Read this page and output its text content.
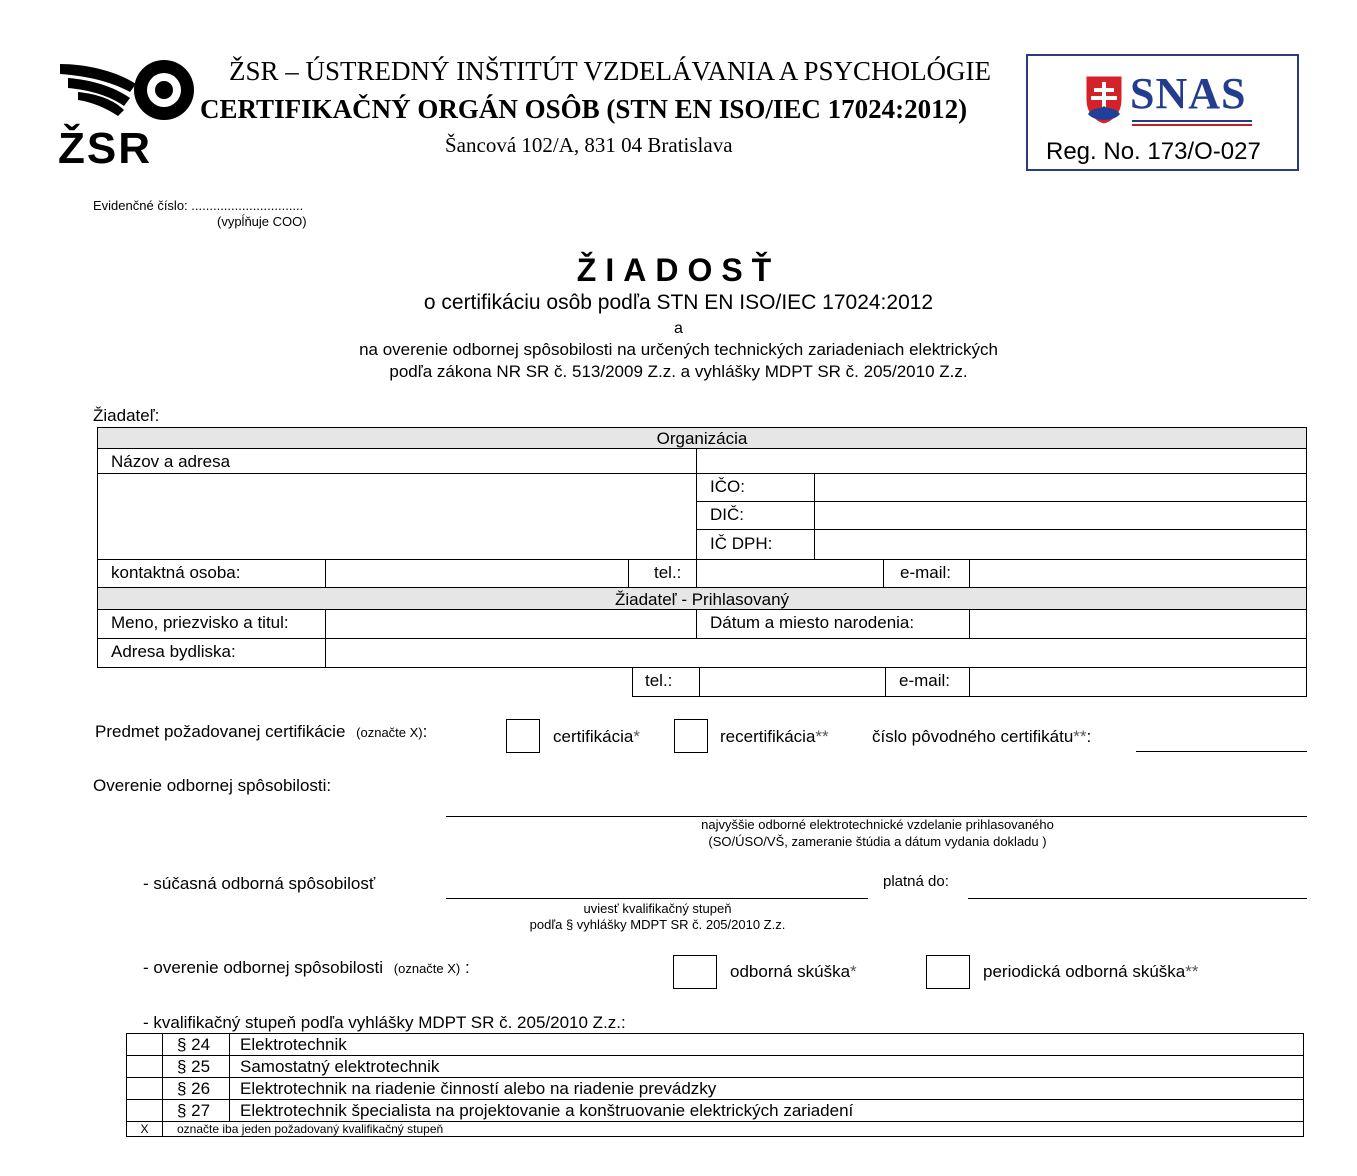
ŽSR
ŽSR – ÚSTREDNÝ INŠTITÚT VZDELÁVANIA A PSYCHOLÓGIE
CERTIFIKAČNÝ ORGÁN OSÔB (STN EN ISO/IEC 17024:2012)
Šancová 102/A, 831 04 Bratislava
SNAS
Reg. No. 173/O-027
Evidenčné číslo: ...............................
(vypĺňuje COO)
ŽIADOSŤ
o certifikáciu osôb podľa STN EN ISO/IEC 17024:2012
a
na overenie odbornej spôsobilosti na určených technických zariadeniach elektrických
podľa zákona NR SR č. 513/2009 Z.z. a vyhlášky MDPT SR č. 205/2010 Z.z.
Žiadateľ:
Organizácia
Názov a adresa
IČO:
DIČ:
IČ DPH:
kontaktná osoba:	tel.:	e-mail:
Žiadateľ - Prihlasovaný
Meno, priezvisko a titul:	Dátum a miesto narodenia:
Adresa bydliska:
tel.:	e-mail:
Predmet požadovanej certifikácie (označte X):	certifikácia*	recertifikácia**	číslo pôvodného certifikátu**:
Overenie odbornej spôsobilosti:
najvyššie odborné elektrotechnické vzdelanie prihlasovaného
(SO/ÚSO/VŠ, zameranie štúdia a dátum vydania dokladu )
- súčasná odborná spôsobilosť	platná do:
uviesť kvalifikačný stupeň
podľa § vyhlášky MDPT SR č. 205/2010 Z.z.
- overenie odbornej spôsobilosti (označte X) :	odborná skúška*	periodická odborná skúška**
- kvalifikačný stupeň podľa vyhlášky MDPT SR č. 205/2010 Z.z.:
	§ 24	Elektrotechnik
	§ 25	Samostatný elektrotechnik
	§ 26	Elektrotechnik na riadenie činností alebo na riadenie prevádzky
	§ 27	Elektrotechnik špecialista na projektovanie a konštruovanie elektrických zariadení
X	označte iba jeden požadovaný kvalifikačný stupeň	
